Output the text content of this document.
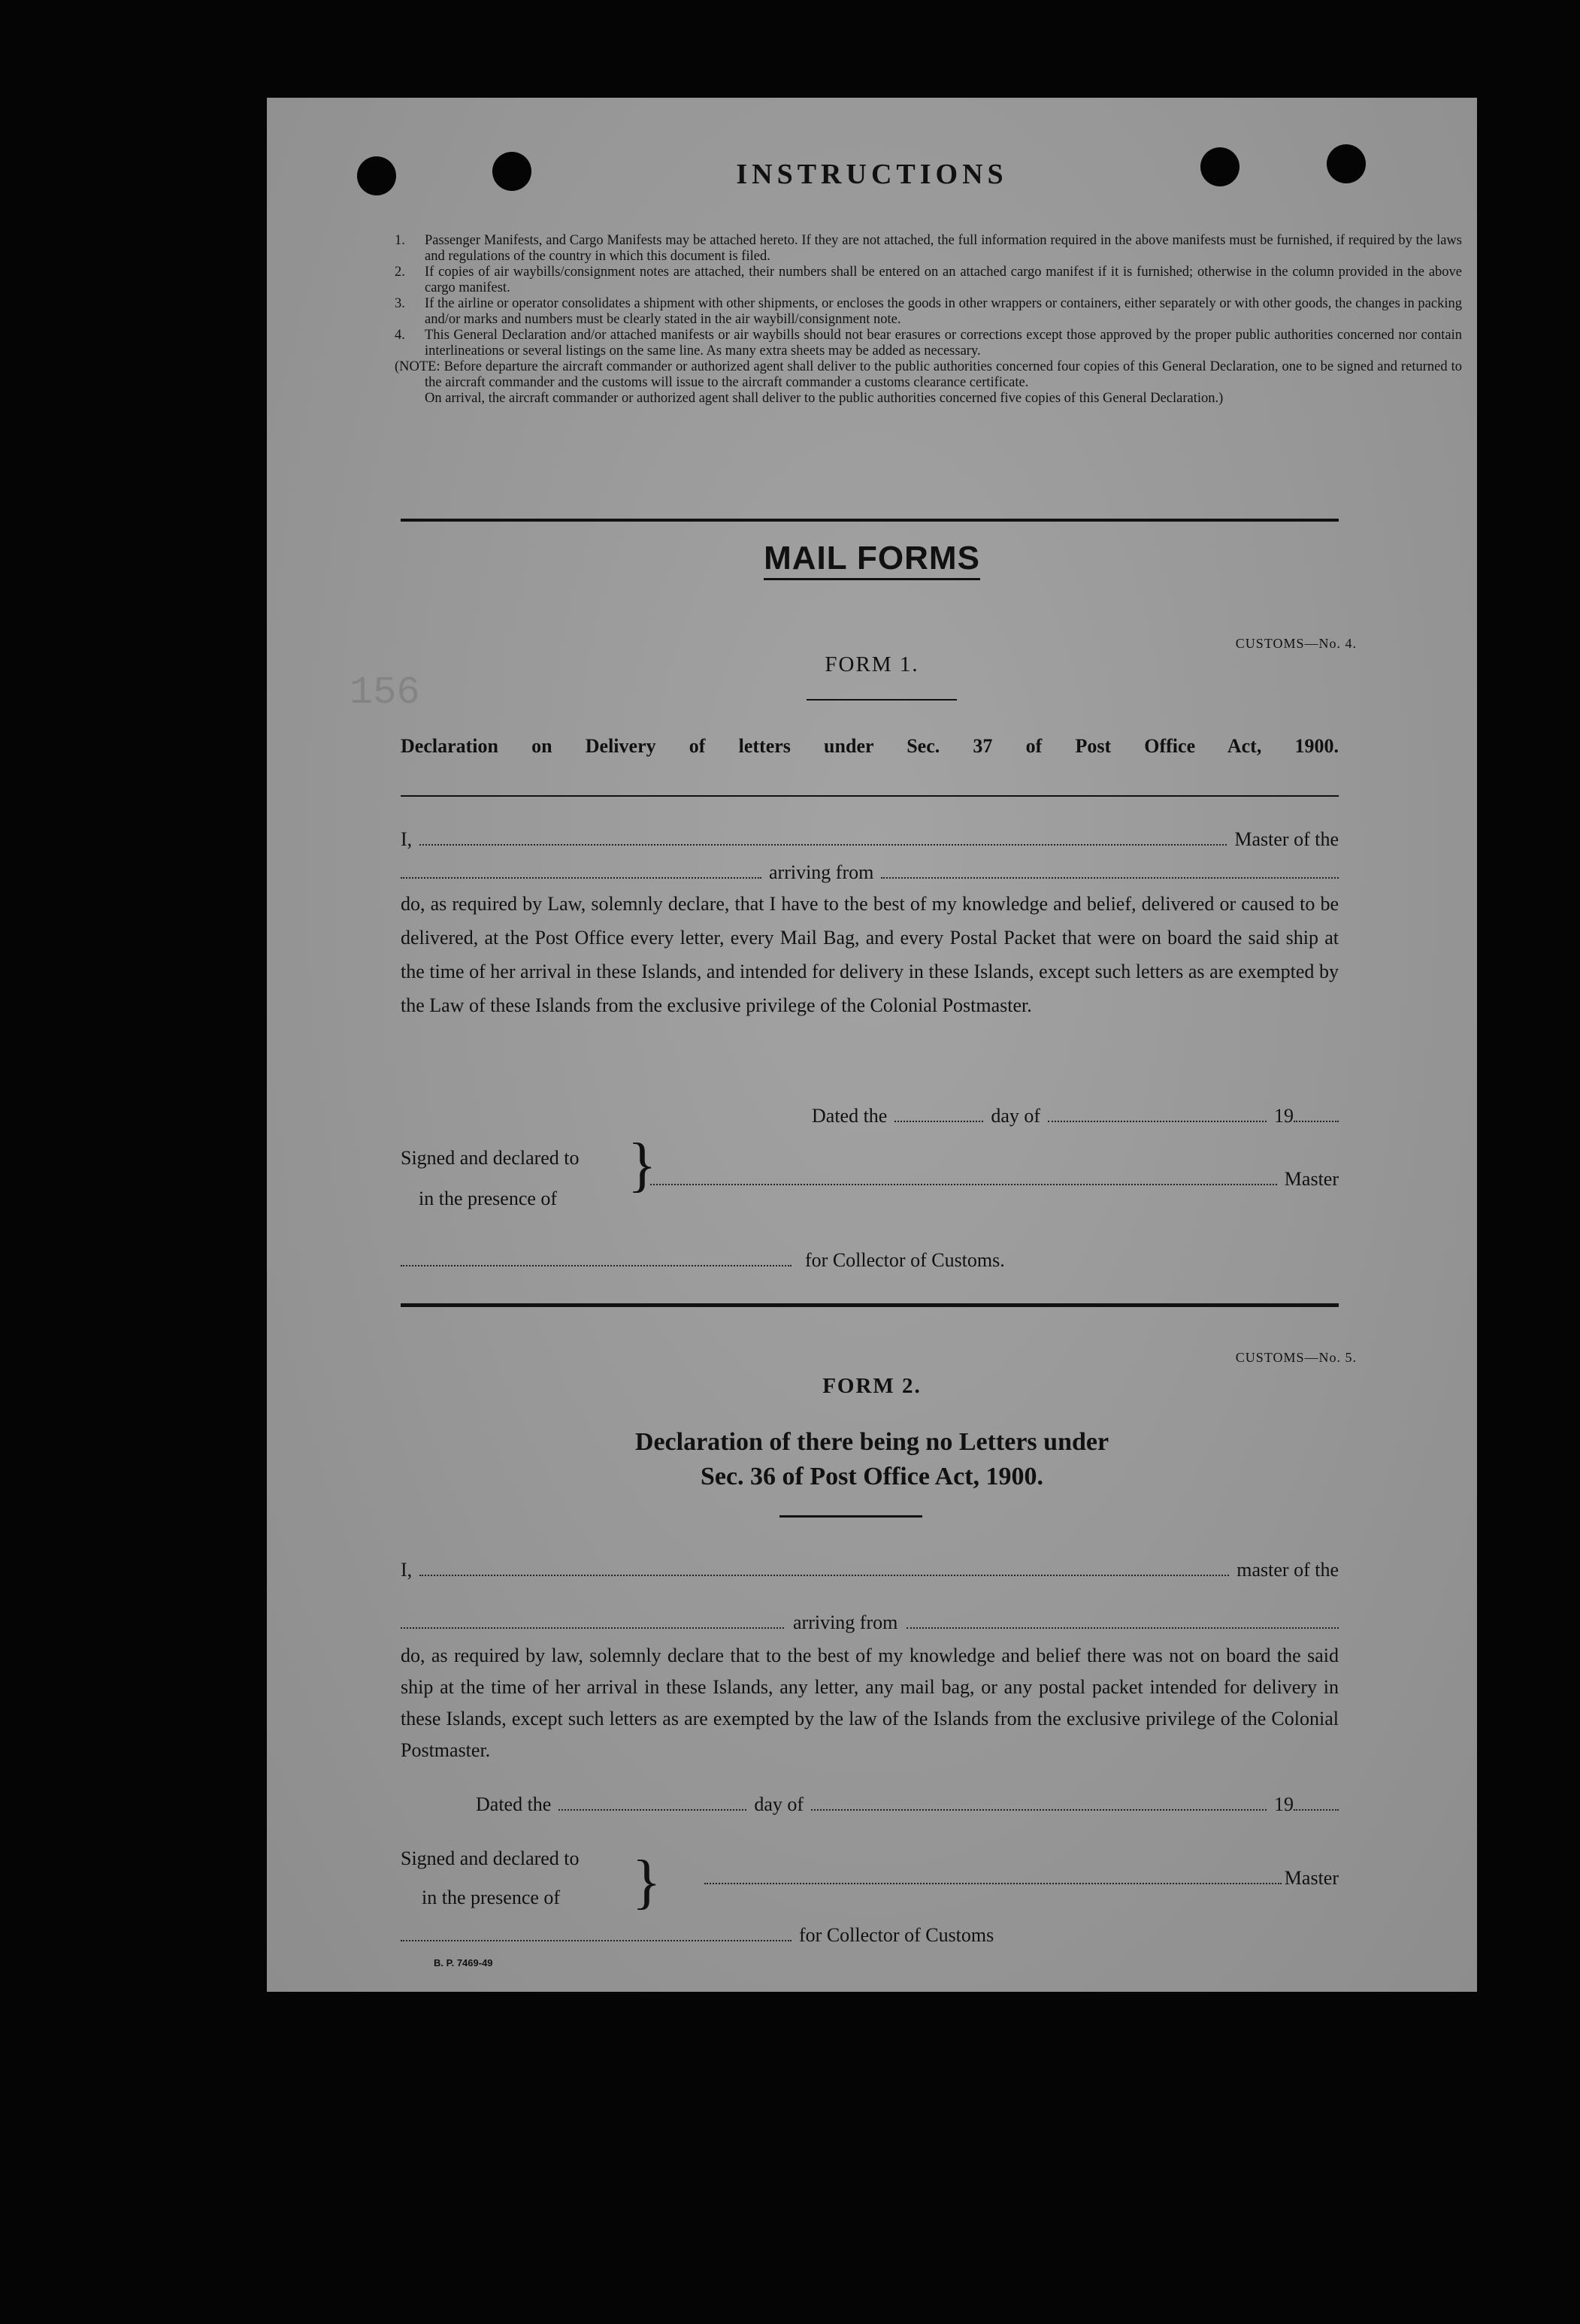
INSTRUCTIONS

1. Passenger Manifests, and Cargo Manifests may be attached hereto. If they are not attached, the full information required in the above manifests must be furnished, if required by the laws and regulations of the country in which this document is filed.

2. If copies of air waybills/consignment notes are attached, their numbers shall be entered on an attached cargo manifest if it is furnished; otherwise in the column provided in the above cargo manifest.

3. If the airline or operator consolidates a shipment with other shipments, or encloses the goods in other wrappers or containers, either separately or with other goods, the changes in packing and/or marks and numbers must be clearly stated in the air waybill/consignment note.

4. This General Declaration and/or attached manifests or air waybills should not bear erasures or corrections except those approved by the proper public authorities concerned nor contain interlineations or several listings on the same line. As many extra sheets may be added as necessary.

(NOTE: Before departure the aircraft commander or authorized agent shall deliver to the public authorities concerned four copies of this General Declaration, one to be signed and returned to the aircraft commander and the customs will issue to the aircraft commander a customs clearance certificate.

On arrival, the aircraft commander or authorized agent shall deliver to the public authorities concerned five copies of this General Declaration.)

MAIL FORMS
CUSTOMS—No. 4.
FORM 1.
Declaration on Delivery of letters under Sec. 37 of Post Office Act, 1900.
I,	Master of the
arriving from
do, as required by Law, solemnly declare, that I have to the best of my knowledge and belief, delivered or caused to be delivered, at the Post Office every letter, every Mail Bag, and every Postal Packet that were on board the said ship at the time of her arrival in these Islands, and intended for delivery in these Islands, except such letters as are exempted by the Law of these Islands from the exclusive privilege of the Colonial Postmaster.
Dated the	day of	19
Signed and declared to
in the presence of
}	Master
for Collector of Customs.
CUSTOMS—No. 5.
FORM 2.
Declaration of there being no Letters under
Sec. 36 of Post Office Act, 1900.
I,	master of the
arriving from
do, as required by law, solemnly declare that to the best of my knowledge and belief there was not on board the said ship at the time of her arrival in these Islands, any letter, any mail bag, or any postal packet intended for delivery in these Islands, except such letters as are exempted by the law of the Islands from the exclusive privilege of the Colonial Postmaster.
Dated the	day of	19
Signed and declared to
in the presence of }	Master
for Collector of Customs
B. P. 7469-49
156
